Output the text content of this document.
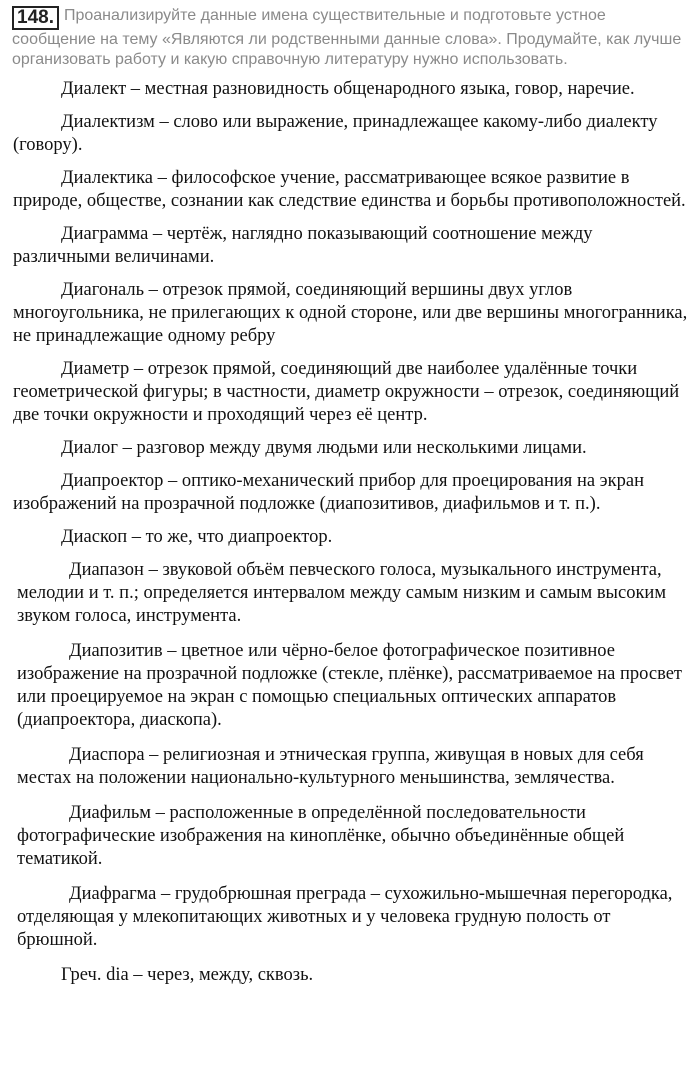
148. Проанализируйте данные имена существительные и подготовьте устное сообщение на тему «Являются ли родственными данные слова». Продумайте, как лучше организовать работу и какую справочную литературу нужно использовать.

Диалект – местная разновидность общенародного языка, говор, наречие.

Диалектизм – слово или выражение, принадлежащее какому-либо диалекту (говору).

Диалектика – философское учение, рассматривающее всякое развитие в природе, обществе, сознании как следствие единства и борьбы противоположностей.

Диаграмма – чертёж, наглядно показывающий соотношение между различными величинами.

Диагональ – отрезок прямой, соединяющий вершины двух углов многоугольника, не прилегающих к одной стороне, или две вершины многогранника, не принадлежащие одному ребру

Диаметр – отрезок прямой, соединяющий две наиболее удалённые точки геометрической фигуры; в частности, диаметр окружности – отрезок, соединяющий две точки окружности и проходящий через её центр.

Диалог – разговор между двумя людьми или несколькими лицами.

Диапроектор – оптико-механический прибор для проецирования на экран изображений на прозрачной подложке (диапозитивов, диафильмов и т. п.).

Диаскоп – то же, что диапроектор.

Диапазон – звуковой объём певческого голоса, музыкального инструмента, мелодии и т. п.; определяется интервалом между самым низким и самым высоким звуком голоса, инструмента.

Диапозитив – цветное или чёрно-белое фотографическое позитивное изображение на прозрачной подложке (стекле, плёнке), рассматриваемое на просвет или проецируемое на экран с помощью специальных оптических аппаратов (диапроектора, диаскопа).

Диаспора – религиозная и этническая группа, живущая в новых для себя местах на положении национально-культурного меньшинства, землячества.

Диафильм – расположенные в определённой последовательности фотографические изображения на киноплёнке, обычно объединённые общей тематикой.

Диафрагма – грудобрюшная преграда – сухожильно-мышечная перегородка, отделяющая у млекопитающих животных и у человека грудную полость от брюшной.

Греч. dia – через, между, сквозь.
